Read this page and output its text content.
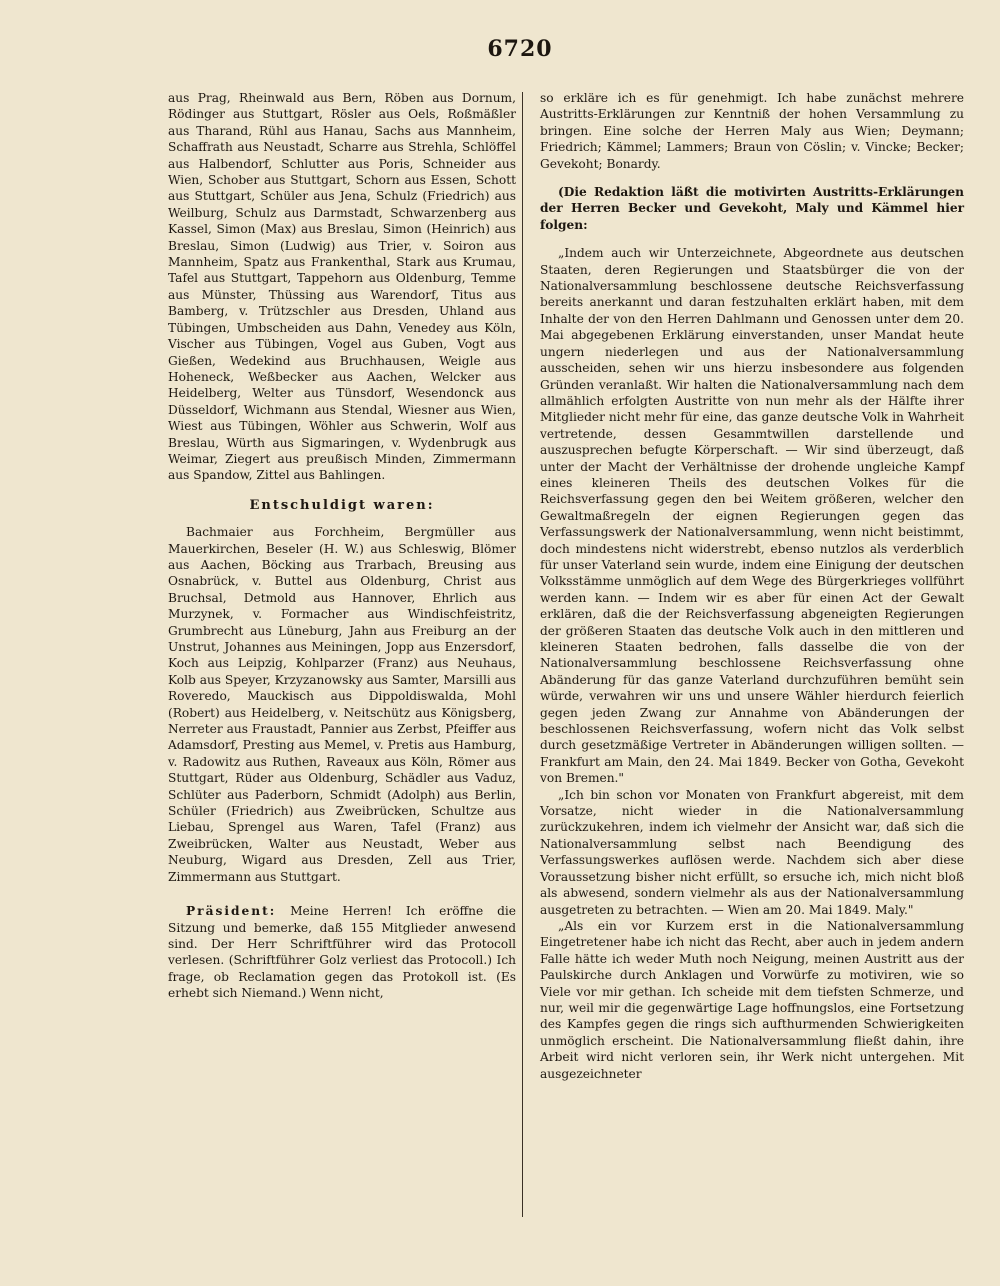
6720

aus Prag, Rheinwald aus Bern, Röben aus Dornum, Rödinger aus Stuttgart, Rösler aus Oels, Roßmäßler aus Tharand, Rühl aus Hanau, Sachs aus Mannheim, Schaffrath aus Neustadt, Scharre aus Strehla, Schlöffel aus Halbendorf, Schlutter aus Poris, Schneider aus Wien, Schober aus Stuttgart, Schorn aus Essen, Schott aus Stuttgart, Schüler aus Jena, Schulz (Friedrich) aus Weilburg, Schulz aus Darmstadt, Schwarzenberg aus Kassel, Simon (Max) aus Breslau, Simon (Heinrich) aus Breslau, Simon (Ludwig) aus Trier, v. Soiron aus Mannheim, Spatz aus Frankenthal, Stark aus Krumau, Tafel aus Stuttgart, Tappehorn aus Oldenburg, Temme aus Münster, Thüssing aus Warendorf, Titus aus Bamberg, v. Trützschler aus Dresden, Uhland aus Tübingen, Umbscheiden aus Dahn, Venedey aus Köln, Vischer aus Tübingen, Vogel aus Guben, Vogt aus Gießen, Wedekind aus Bruchhausen, Weigle aus Hoheneck, Weßbecker aus Aachen, Welcker aus Heidelberg, Welter aus Tünsdorf, Wesendonck aus Düsseldorf, Wichmann aus Stendal, Wiesner aus Wien, Wiest aus Tübingen, Wöhler aus Schwerin, Wolf aus Breslau, Würth aus Sigmaringen, v. Wydenbrugk aus Weimar, Ziegert aus preußisch Minden, Zimmermann aus Spandow, Zittel aus Bahlingen.

Entschuldigt waren:

Bachmaier aus Forchheim, Bergmüller aus Mauerkirchen, Beseler (H. W.) aus Schleswig, Blömer aus Aachen, Böcking aus Trarbach, Breusing aus Osnabrück, v. Buttel aus Oldenburg, Christ aus Bruchsal, Detmold aus Hannover, Ehrlich aus Murzynek, v. Formacher aus Windischfeistritz, Grumbrecht aus Lüneburg, Jahn aus Freiburg an der Unstrut, Johannes aus Meiningen, Jopp aus Enzersdorf, Koch aus Leipzig, Kohlparzer (Franz) aus Neuhaus, Kolb aus Speyer, Krzyzanowsky aus Samter, Marsilli aus Roveredo, Mauckisch aus Dippoldiswalda, Mohl (Robert) aus Heidelberg, v. Neitschütz aus Königsberg, Nerreter aus Fraustadt, Pannier aus Zerbst, Pfeiffer aus Adamsdorf, Presting aus Memel, v. Pretis aus Hamburg, v. Radowitz aus Ruthen, Raveaux aus Köln, Römer aus Stuttgart, Rüder aus Oldenburg, Schädler aus Vaduz, Schlüter aus Paderborn, Schmidt (Adolph) aus Berlin, Schüler (Friedrich) aus Zweibrücken, Schultze aus Liebau, Sprengel aus Waren, Tafel (Franz) aus Zweibrücken, Walter aus Neustadt, Weber aus Neuburg, Wigard aus Dresden, Zell aus Trier, Zimmermann aus Stuttgart.

Präsident: Meine Herren! Ich eröffne die Sitzung und bemerke, daß 155 Mitglieder anwesend sind. Der Herr Schriftführer wird das Protocoll verlesen. (Schriftführer Golz verliest das Protocoll.) Ich frage, ob Reclamation gegen das Protokoll ist. (Es erhebt sich Niemand.) Wenn nicht,

so erkläre ich es für genehmigt. Ich habe zunächst mehrere Austritts-Erklärungen zur Kenntniß der hohen Versammlung zu bringen. Eine solche der Herren Maly aus Wien; Deymann; Friedrich; Kämmel; Lammers; Braun von Cöslin; v. Vincke; Becker; Gevekoht; Bonardy.

(Die Redaktion läßt die motivirten Austritts-Erklärungen der Herren Becker und Gevekoht, Maly und Kämmel hier folgen:

„Indem auch wir Unterzeichnete, Abgeordnete aus deutschen Staaten, deren Regierungen und Staatsbürger die von der Nationalversammlung beschlossene deutsche Reichsverfassung bereits anerkannt und daran festzuhalten erklärt haben, mit dem Inhalte der von den Herren Dahlmann und Genossen unter dem 20. Mai abgegebenen Erklärung einverstanden, unser Mandat heute ungern niederlegen und aus der Nationalversammlung ausscheiden, sehen wir uns hierzu insbesondere aus folgenden Gründen veranlaßt. Wir halten die Nationalversammlung nach dem allmählich erfolgten Austritte von nun mehr als der Hälfte ihrer Mitglieder nicht mehr für eine, das ganze deutsche Volk in Wahrheit vertretende, dessen Gesammtwillen darstellende und auszusprechen befugte Körperschaft. — Wir sind überzeugt, daß unter der Macht der Verhältnisse der drohende ungleiche Kampf eines kleineren Theils des deutschen Volkes für die Reichsverfassung gegen den bei Weitem größeren, welcher den Gewaltmaßregeln der eignen Regierungen gegen das Verfassungswerk der Nationalversammlung, wenn nicht beistimmt, doch mindestens nicht widerstrebt, ebenso nutzlos als verderblich für unser Vaterland sein wurde, indem eine Einigung der deutschen Volksstämme unmöglich auf dem Wege des Bürgerkrieges vollführt werden kann. — Indem wir es aber für einen Act der Gewalt erklären, daß die der Reichsverfassung abgeneigten Regierungen der größeren Staaten das deutsche Volk auch in den mittleren und kleineren Staaten bedrohen, falls dasselbe die von der Nationalversammlung beschlossene Reichsverfassung ohne Abänderung für das ganze Vaterland durchzuführen bemüht sein würde, verwahren wir uns und unsere Wähler hierdurch feierlich gegen jeden Zwang zur Annahme von Abänderungen der beschlossenen Reichsverfassung, wofern nicht das Volk selbst durch gesetzmäßige Vertreter in Abänderungen willigen sollten. — Frankfurt am Main, den 24. Mai 1849. Becker von Gotha, Gevekoht von Bremen."

„Ich bin schon vor Monaten von Frankfurt abgereist, mit dem Vorsatze, nicht wieder in die Nationalversammlung zurückzukehren, indem ich vielmehr der Ansicht war, daß sich die Nationalversammlung selbst nach Beendigung des Verfassungswerkes auflösen werde. Nachdem sich aber diese Voraussetzung bisher nicht erfüllt, so ersuche ich, mich nicht bloß als abwesend, sondern vielmehr als aus der Nationalversammlung ausgetreten zu betrachten. — Wien am 20. Mai 1849. Maly."

„Als ein vor Kurzem erst in die Nationalversammlung Eingetretener habe ich nicht das Recht, aber auch in jedem andern Falle hätte ich weder Muth noch Neigung, meinen Austritt aus der Paulskirche durch Anklagen und Vorwürfe zu motiviren, wie so Viele vor mir gethan. Ich scheide mit dem tiefsten Schmerze, und nur, weil mir die gegenwärtige Lage hoffnungslos, eine Fortsetzung des Kampfes gegen die rings sich aufthurmenden Schwierigkeiten unmöglich erscheint. Die Nationalversammlung fließt dahin, ihre Arbeit wird nicht verloren sein, ihr Werk nicht untergehen. Mit ausgezeichneter
